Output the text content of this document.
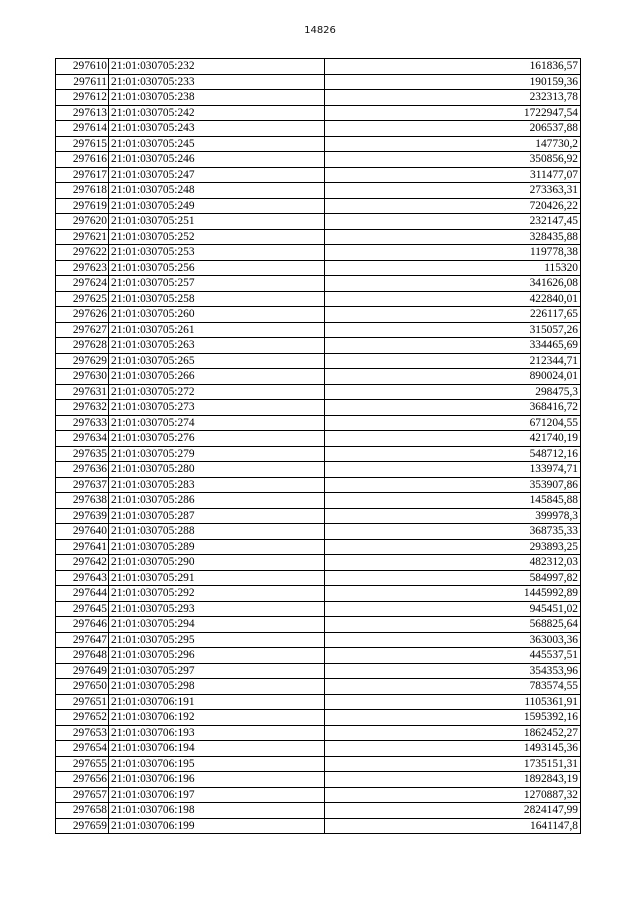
14826
297610	21:01:030705:232	161836,57
297611	21:01:030705:233	190159,36
297612	21:01:030705:238	232313,78
297613	21:01:030705:242	1722947,54
297614	21:01:030705:243	206537,88
297615	21:01:030705:245	147730,2
297616	21:01:030705:246	350856,92
297617	21:01:030705:247	311477,07
297618	21:01:030705:248	273363,31
297619	21:01:030705:249	720426,22
297620	21:01:030705:251	232147,45
297621	21:01:030705:252	328435,88
297622	21:01:030705:253	119778,38
297623	21:01:030705:256	115320
297624	21:01:030705:257	341626,08
297625	21:01:030705:258	422840,01
297626	21:01:030705:260	226117,65
297627	21:01:030705:261	315057,26
297628	21:01:030705:263	334465,69
297629	21:01:030705:265	212344,71
297630	21:01:030705:266	890024,01
297631	21:01:030705:272	298475,3
297632	21:01:030705:273	368416,72
297633	21:01:030705:274	671204,55
297634	21:01:030705:276	421740,19
297635	21:01:030705:279	548712,16
297636	21:01:030705:280	133974,71
297637	21:01:030705:283	353907,86
297638	21:01:030705:286	145845,88
297639	21:01:030705:287	399978,3
297640	21:01:030705:288	368735,33
297641	21:01:030705:289	293893,25
297642	21:01:030705:290	482312,03
297643	21:01:030705:291	584997,82
297644	21:01:030705:292	1445992,89
297645	21:01:030705:293	945451,02
297646	21:01:030705:294	568825,64
297647	21:01:030705:295	363003,36
297648	21:01:030705:296	445537,51
297649	21:01:030705:297	354353,96
297650	21:01:030705:298	783574,55
297651	21:01:030706:191	1105361,91
297652	21:01:030706:192	1595392,16
297653	21:01:030706:193	1862452,27
297654	21:01:030706:194	1493145,36
297655	21:01:030706:195	1735151,31
297656	21:01:030706:196	1892843,19
297657	21:01:030706:197	1270887,32
297658	21:01:030706:198	2824147,99
297659	21:01:030706:199	1641147,8
